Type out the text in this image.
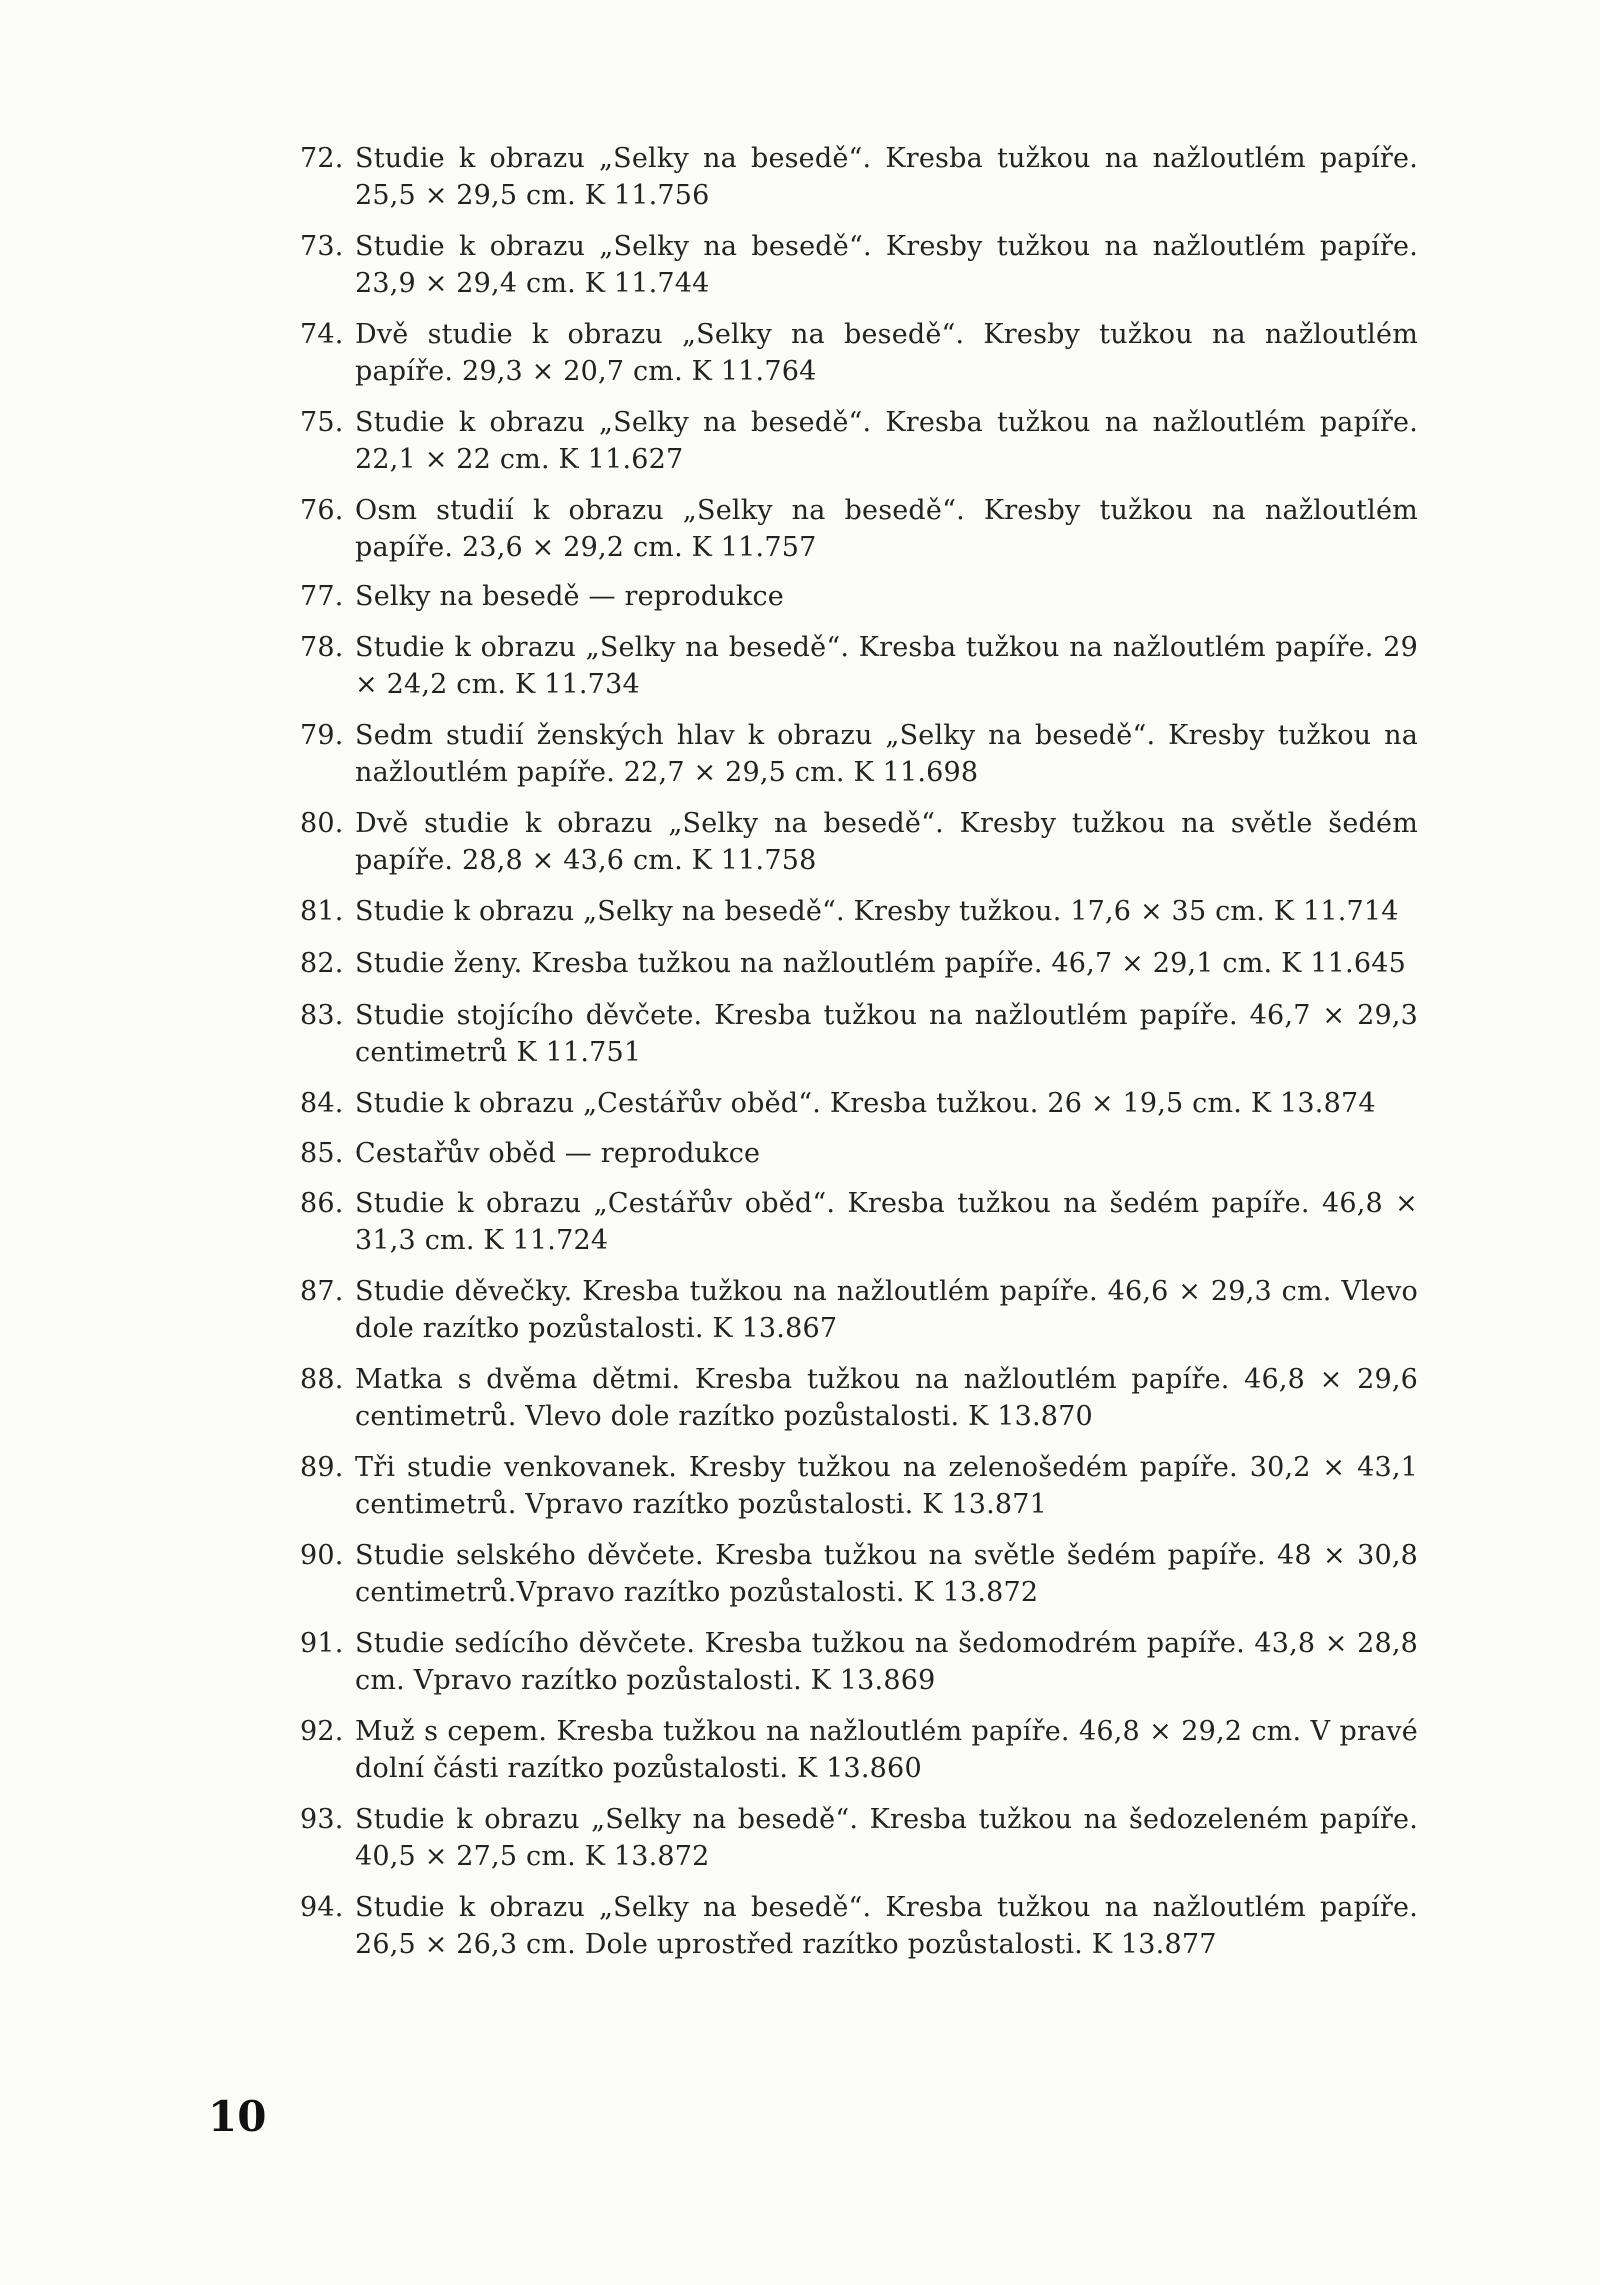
72. Studie k obrazu „Selky na besedě“. Kresba tužkou na nažloutlém papíře. 25,5 × 29,5 cm. K 11.756
73. Studie k obrazu „Selky na besedě“. Kresby tužkou na nažloutlém papíře. 23,9 × 29,4 cm. K 11.744
74. Dvě studie k obrazu „Selky na besedě“. Kresby tužkou na nažloutlém papíře. 29,3 × 20,7 cm. K 11.764
75. Studie k obrazu „Selky na besedě“. Kresba tužkou na nažloutlém papíře. 22,1 × 22 cm. K 11.627
76. Osm studií k obrazu „Selky na besedě“. Kresby tužkou na nažloutlém papíře. 23,6 × 29,2 cm. K 11.757
77. Selky na besedě — reprodukce
78. Studie k obrazu „Selky na besedě“. Kresba tužkou na nažloutlém papíře. 29 × 24,2 cm. K 11.734
79. Sedm studií ženských hlav k obrazu „Selky na besedě“. Kresby tužkou na nažloutlém papíře. 22,7 × 29,5 cm. K 11.698
80. Dvě studie k obrazu „Selky na besedě“. Kresby tužkou na světle šedém papíře. 28,8 × 43,6 cm. K 11.758
81. Studie k obrazu „Selky na besedě“. Kresby tužkou. 17,6 × 35 cm. K 11.714
82. Studie ženy. Kresba tužkou na nažloutlém papíře. 46,7 × 29,1 cm. K 11.645
83. Studie stojícího děvčete. Kresba tužkou na nažloutlém papíře. 46,7 × 29,3 centimetrů K 11.751
84. Studie k obrazu „Cestářův oběd“. Kresba tužkou. 26 × 19,5 cm. K 13.874
85. Cestařův oběd — reprodukce
86. Studie k obrazu „Cestářův oběd“. Kresba tužkou na šedém papíře. 46,8 × 31,3 cm. K 11.724
87. Studie děvečky. Kresba tužkou na nažloutlém papíře. 46,6 × 29,3 cm. Vlevo dole razítko pozůstalosti. K 13.867
88. Matka s dvěma dětmi. Kresba tužkou na nažloutlém papíře. 46,8 × 29,6 centimetrů. Vlevo dole razítko pozůstalosti. K 13.870
89. Tři studie venkovanek. Kresby tužkou na zelenošedém papíře. 30,2 × 43,1 centimetrů. Vpravo razítko pozůstalosti. K 13.871
90. Studie selského děvčete. Kresba tužkou na světle šedém papíře. 48 × 30,8 centimetrů.Vpravo razítko pozůstalosti. K 13.872
91. Studie sedícího děvčete. Kresba tužkou na šedomodrém papíře. 43,8 × 28,8 cm. Vpravo razítko pozůstalosti. K 13.869
92. Muž s cepem. Kresba tužkou na nažloutlém papíře. 46,8 × 29,2 cm. V pravé dolní části razítko pozůstalosti. K 13.860
93. Studie k obrazu „Selky na besedě“. Kresba tužkou na šedozeleném papíře. 40,5 × 27,5 cm. K 13.872
94. Studie k obrazu „Selky na besedě“. Kresba tužkou na nažloutlém papíře. 26,5 × 26,3 cm. Dole uprostřed razítko pozůstalosti. K 13.877
10
